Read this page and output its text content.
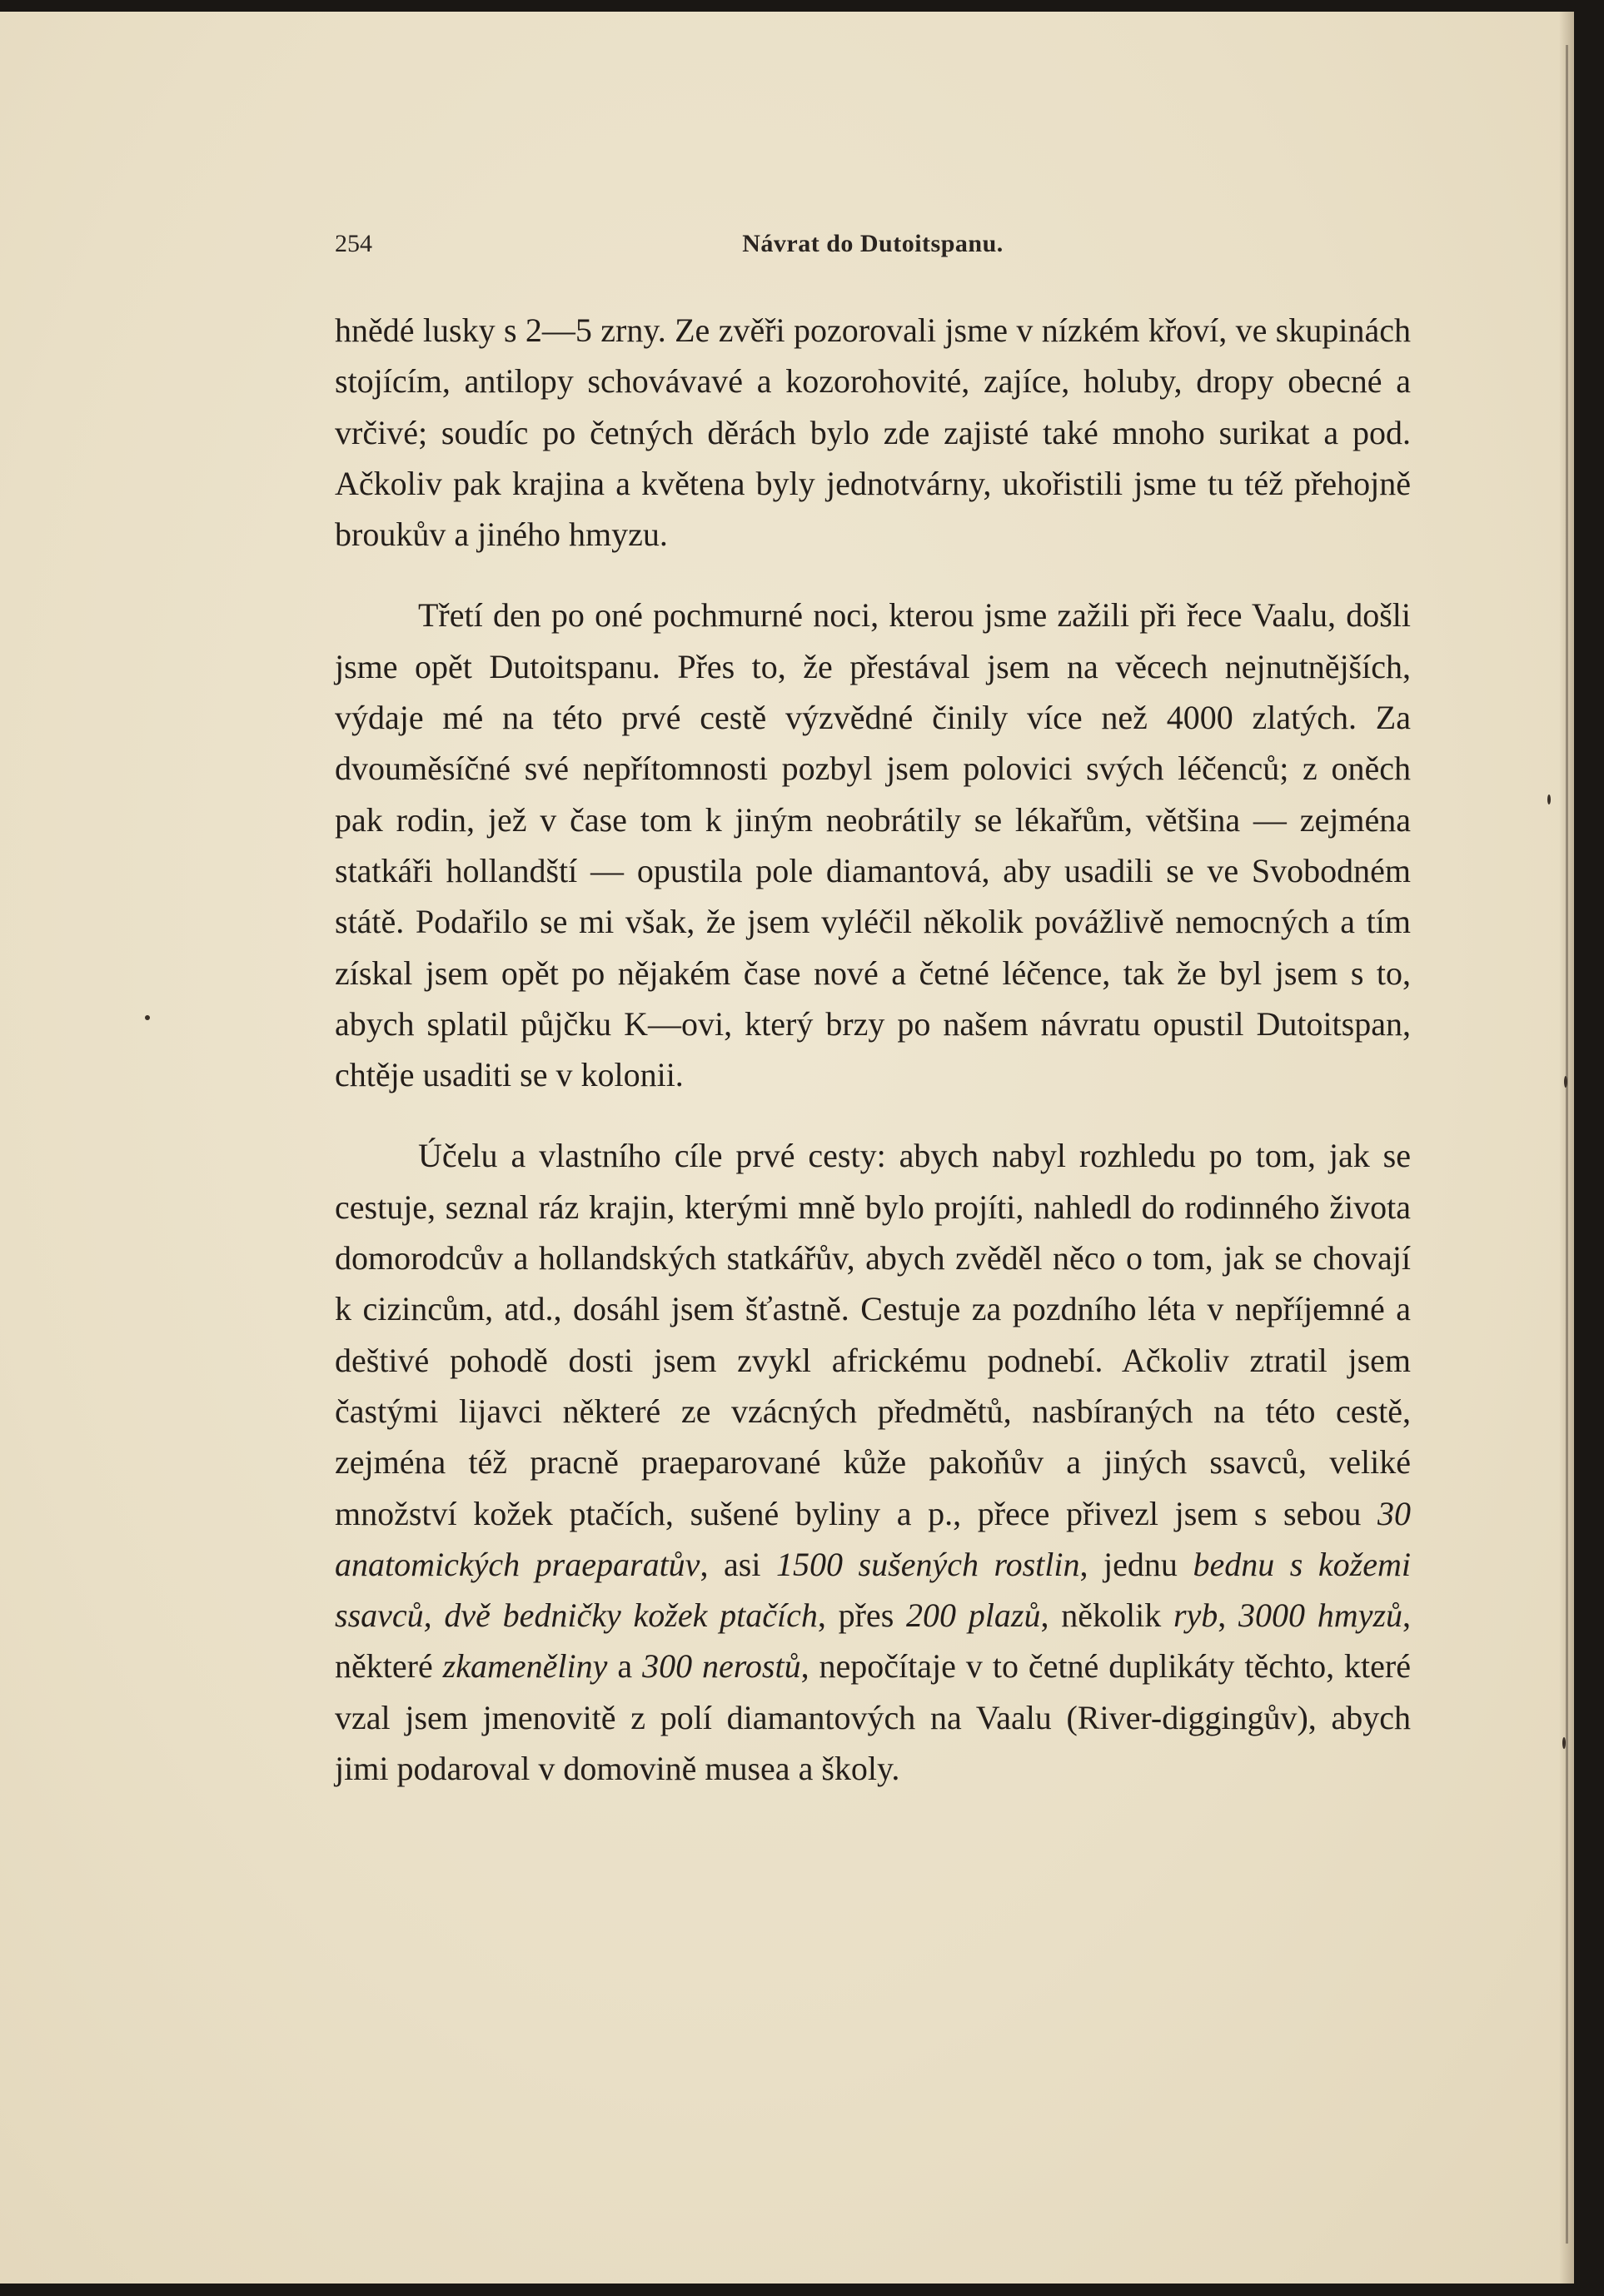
254	Návrat do Dutoitspanu.

hnědé lusky s 2—5 zrny. Ze zvěři pozorovali jsme v nízkém křoví, ve skupinách stojícím, antilopy schovávavé a kozorohovité, zajíce, holuby, dropy obecné a vrčivé; soudíc po četných děrách bylo zde zajisté také mnoho surikat a pod. Ačkoliv pak krajina a květena byly jednotvárny, ukořistili jsme tu též přehojně broukův a jiného hmyzu.

Třetí den po oné pochmurné noci, kterou jsme zažili při řece Vaalu, došli jsme opět Dutoitspanu. Přes to, že přestával jsem na věcech nejnutnějších, výdaje mé na této prvé cestě výzvědné činily více než 4000 zlatých. Za dvouměsíčné své nepřítomnosti pozbyl jsem polovici svých léčenců; z oněch pak rodin, jež v čase tom k jiným neobrátily se lékařům, většina — zejména statkáři hollandští — opustila pole diamantová, aby usadili se ve Svobodném státě. Podařilo se mi však, že jsem vyléčil několik povážlivě nemocných a tím získal jsem opět po nějakém čase nové a četné léčence, tak že byl jsem s to, abych splatil půjčku K—ovi, který brzy po našem návratu opustil Dutoitspan, chtěje usaditi se v kolonii.

Účelu a vlastního cíle prvé cesty: abych nabyl rozhledu po tom, jak se cestuje, seznal ráz krajin, kterými mně bylo projíti, nahledl do rodinného života domorodcův a hollandských statkářův, abych zvěděl něco o tom, jak se chovají k cizincům, atd., dosáhl jsem šťastně. Cestuje za pozdního léta v nepříjemné a deštivé pohodě dosti jsem zvykl africkému podnebí. Ačkoliv ztratil jsem častými lijavci některé ze vzácných předmětů, nasbíraných na této cestě, zejména též pracně praeparované kůže pakoňův a jiných ssavců, veliké množství kožek ptačích, sušené byliny a p., přece přivezl jsem s sebou 30 anatomických praeparatův, asi 1500 sušených rostlin, jednu bednu s kožemi ssavců, dvě bedničky kožek ptačích, přes 200 plazů, několik ryb, 3000 hmyzů, některé zkameněliny a 300 nerostů, nepočítaje v to četné duplikáty těchto, které vzal jsem jmenovitě z polí diamantových na Vaalu (River-diggingův), abych jimi podaroval v domovině musea a školy.
